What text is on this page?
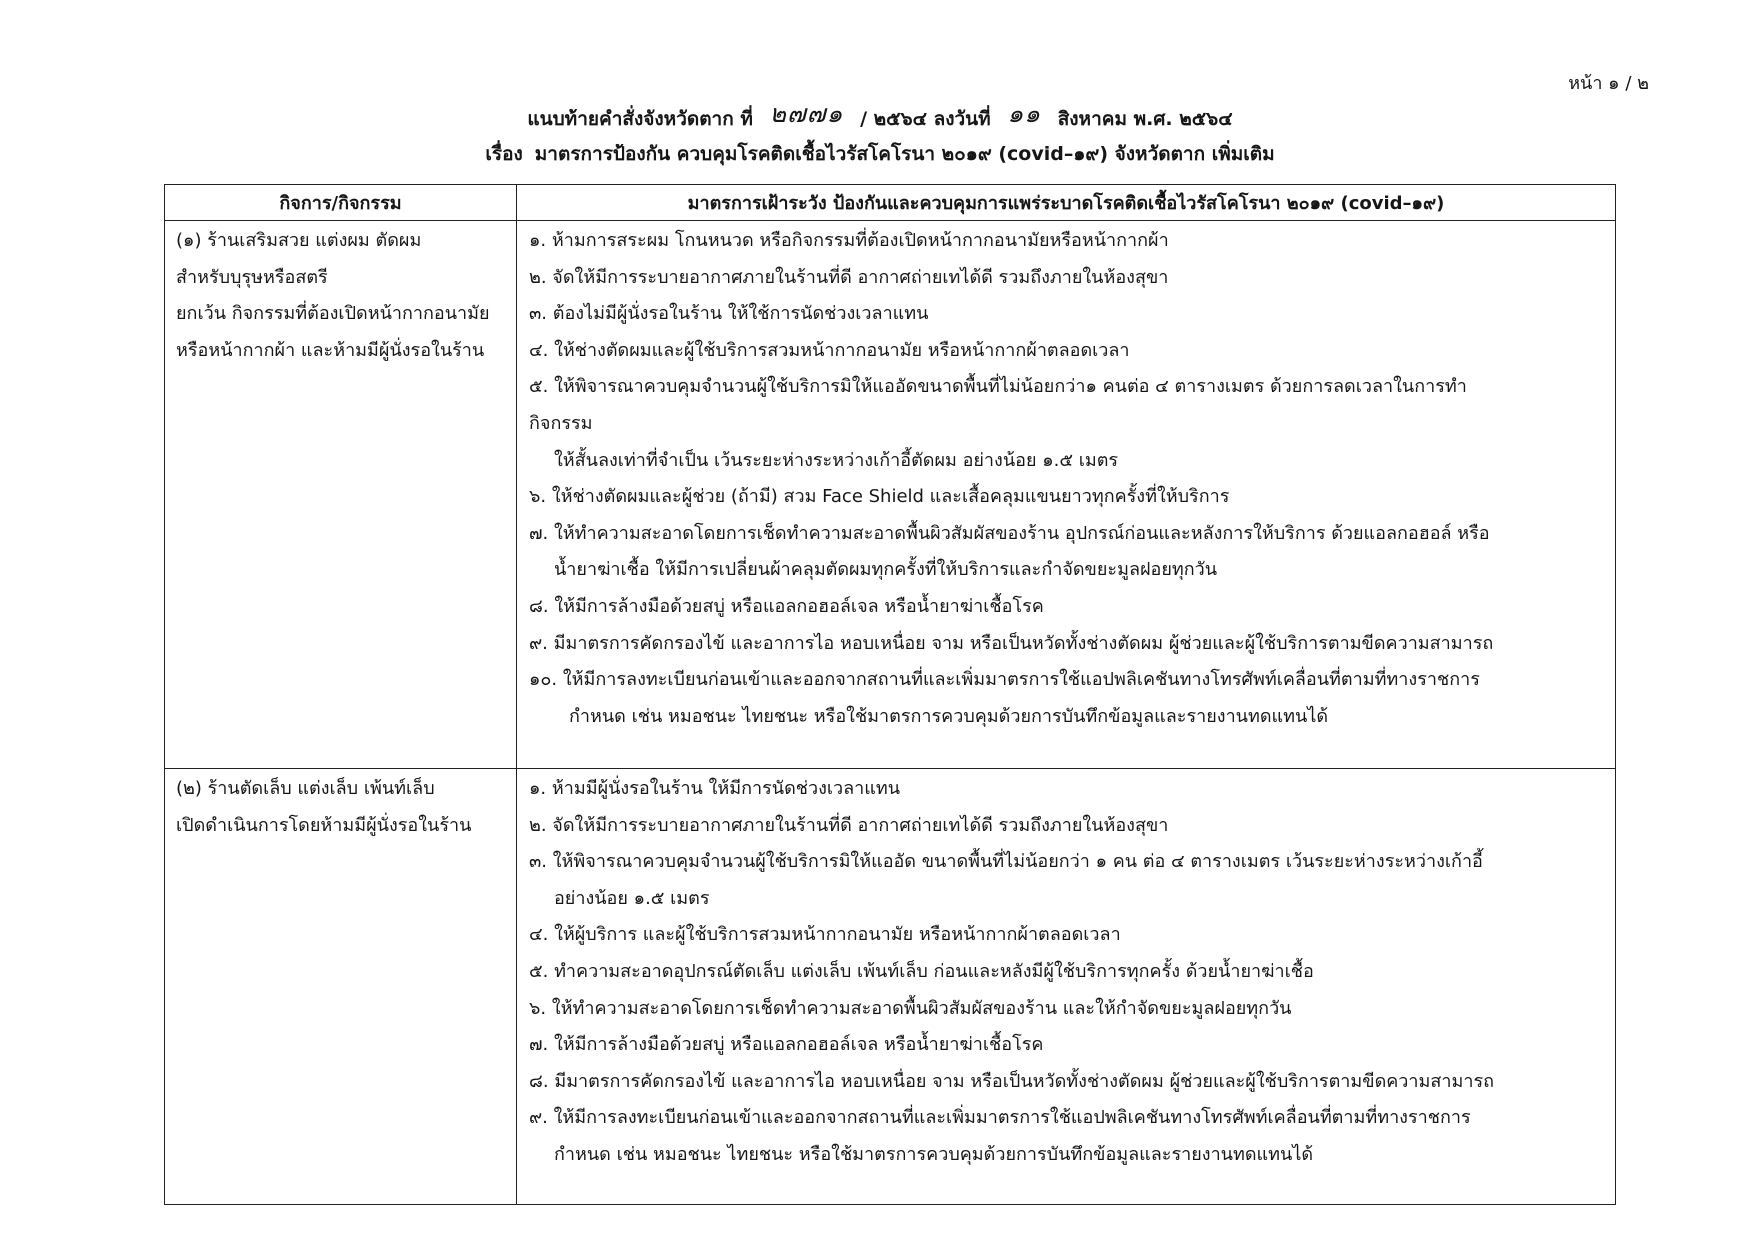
หน้า ๑ / ๒
แนบท้ายคำสั่งจังหวัดตาก ที่ ๒๗๗๑ / ๒๕๖๔ ลงวันที่ ๑๑ สิงหาคม พ.ศ. ๒๕๖๔
เรื่อง มาตรการป้องกัน ควบคุมโรคติดเชื้อไวรัสโคโรนา ๒๐๑๙ (covid–๑๙) จังหวัดตาก เพิ่มเติม
กิจการ/กิจกรรม	มาตรการเฝ้าระวัง ป้องกันและควบคุมการแพร่ระบาดโรคติดเชื้อไวรัสโคโรนา ๒๐๑๙ (covid–๑๙)
(๑) ร้านเสริมสวย แต่งผม ตัดผม
สำหรับบุรุษหรือสตรี
ยกเว้น กิจกรรมที่ต้องเปิดหน้ากากอนามัย
หรือหน้ากากผ้า และห้ามมีผู้นั่งรอในร้าน
๑. ห้ามการสระผม โกนหนวด หรือกิจกรรมที่ต้องเปิดหน้ากากอนามัยหรือหน้ากากผ้า
๒. จัดให้มีการระบายอากาศภายในร้านที่ดี อากาศถ่ายเทได้ดี รวมถึงภายในห้องสุขา
๓. ต้องไม่มีผู้นั่งรอในร้าน ให้ใช้การนัดช่วงเวลาแทน
๔. ให้ช่างตัดผมและผู้ใช้บริการสวมหน้ากากอนามัย หรือหน้ากากผ้าตลอดเวลา
๕. ให้พิจารณาควบคุมจำนวนผู้ใช้บริการมิให้แออัดขนาดพื้นที่ไม่น้อยกว่า๑ คนต่อ ๔ ตารางเมตร ด้วยการลดเวลาในการทำ
กิจกรรม
ให้สั้นลงเท่าที่จำเป็น เว้นระยะห่างระหว่างเก้าอี้ตัดผม อย่างน้อย ๑.๕ เมตร
๖. ให้ช่างตัดผมและผู้ช่วย (ถ้ามี) สวม Face Shield และเสื้อคลุมแขนยาวทุกครั้งที่ให้บริการ
๗. ให้ทำความสะอาดโดยการเช็ดทำความสะอาดพื้นผิวสัมผัสของร้าน อุปกรณ์ก่อนและหลังการให้บริการ ด้วยแอลกอฮอล์ หรือ
น้ำยาฆ่าเชื้อ ให้มีการเปลี่ยนผ้าคลุมตัดผมทุกครั้งที่ให้บริการและกำจัดขยะมูลฝอยทุกวัน
๘. ให้มีการล้างมือด้วยสบู่ หรือแอลกอฮอล์เจล หรือน้ำยาฆ่าเชื้อโรค
๙. มีมาตรการคัดกรองไข้ และอาการไอ หอบเหนื่อย จาม หรือเป็นหวัดทั้งช่างตัดผม ผู้ช่วยและผู้ใช้บริการตามขีดความสามารถ
๑๐. ให้มีการลงทะเบียนก่อนเข้าและออกจากสถานที่และเพิ่มมาตรการใช้แอปพลิเคชันทางโทรศัพท์เคลื่อนที่ตามที่ทางราชการ
กำหนด เช่น หมอชนะ ไทยชนะ หรือใช้มาตรการควบคุมด้วยการบันทึกข้อมูลและรายงานทดแทนได้
(๒) ร้านตัดเล็บ แต่งเล็บ เพ้นท์เล็บ
เปิดดำเนินการโดยห้ามมีผู้นั่งรอในร้าน
๑. ห้ามมีผู้นั่งรอในร้าน ให้มีการนัดช่วงเวลาแทน
๒. จัดให้มีการระบายอากาศภายในร้านที่ดี อากาศถ่ายเทได้ดี รวมถึงภายในห้องสุขา
๓. ให้พิจารณาควบคุมจำนวนผู้ใช้บริการมิให้แออัด ขนาดพื้นที่ไม่น้อยกว่า ๑ คน ต่อ ๔ ตารางเมตร เว้นระยะห่างระหว่างเก้าอี้
อย่างน้อย ๑.๕ เมตร
๔. ให้ผู้บริการ และผู้ใช้บริการสวมหน้ากากอนามัย หรือหน้ากากผ้าตลอดเวลา
๕. ทำความสะอาดอุปกรณ์ตัดเล็บ แต่งเล็บ เพ้นท์เล็บ ก่อนและหลังมีผู้ใช้บริการทุกครั้ง ด้วยน้ำยาฆ่าเชื้อ
๖. ให้ทำความสะอาดโดยการเช็ดทำความสะอาดพื้นผิวสัมผัสของร้าน และให้กำจัดขยะมูลฝอยทุกวัน
๗. ให้มีการล้างมือด้วยสบู่ หรือแอลกอฮอล์เจล หรือน้ำยาฆ่าเชื้อโรค
๘. มีมาตรการคัดกรองไข้ และอาการไอ หอบเหนื่อย จาม หรือเป็นหวัดทั้งช่างตัดผม ผู้ช่วยและผู้ใช้บริการตามขีดความสามารถ
๙. ให้มีการลงทะเบียนก่อนเข้าและออกจากสถานที่และเพิ่มมาตรการใช้แอปพลิเคชันทางโทรศัพท์เคลื่อนที่ตามที่ทางราชการ
กำหนด เช่น หมอชนะ ไทยชนะ หรือใช้มาตรการควบคุมด้วยการบันทึกข้อมูลและรายงานทดแทนได้
